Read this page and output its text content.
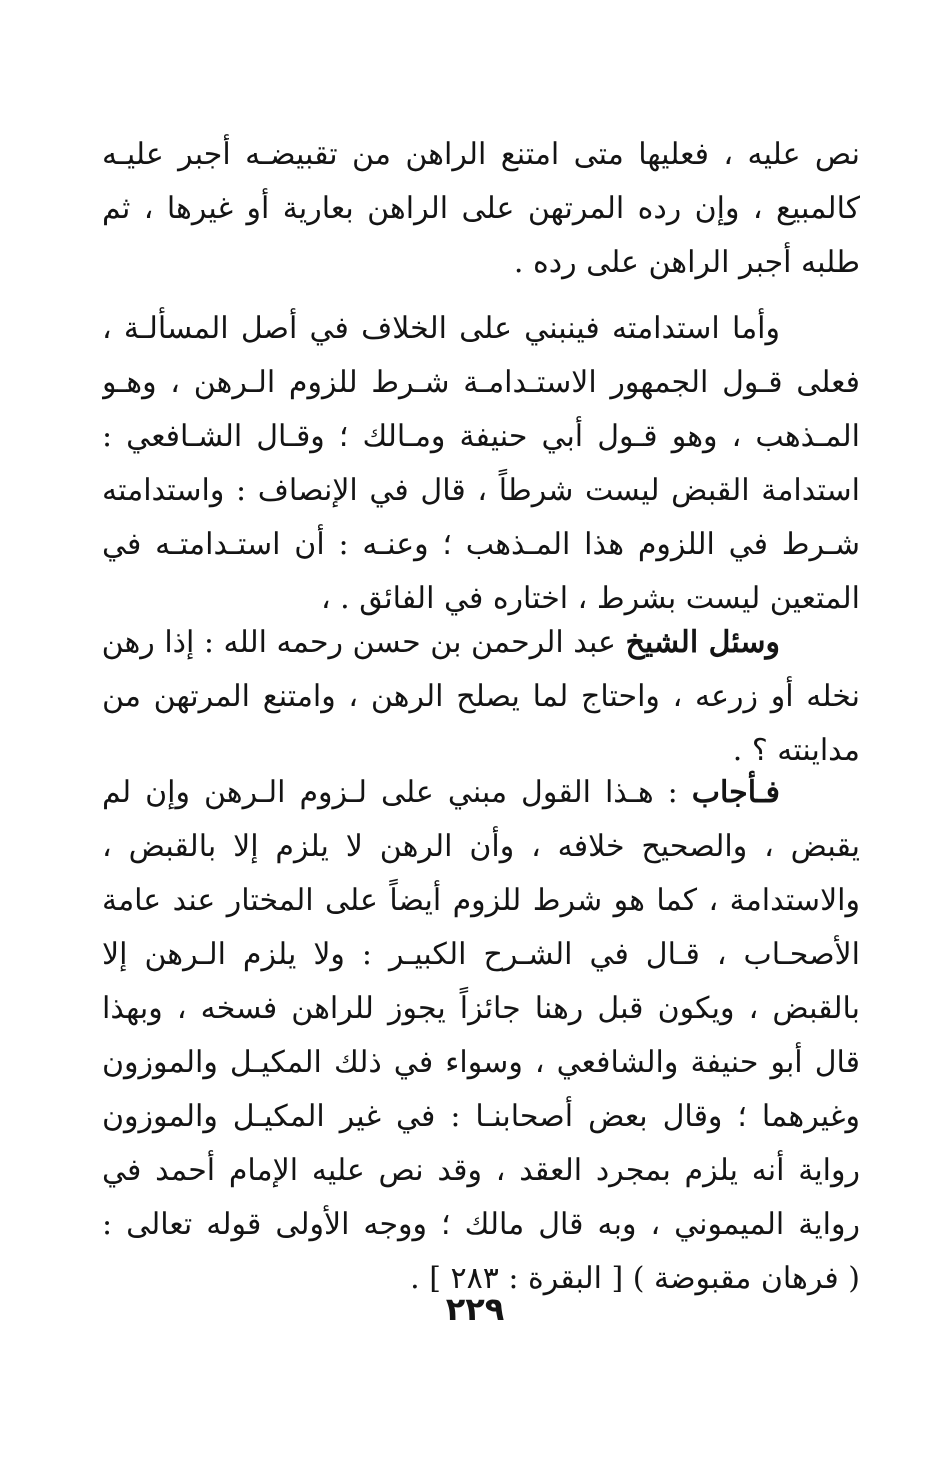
نص عليه ، فعليها متى امتنع الراهن من تقبيضـه أجبر عليـه
كالمبيع ، وإن رده المرتهن على الراهن بعارية أو غيرها ، ثم
طلبه أجبر الراهن على رده .
وأما استدامته فينبني على الخلاف في أصل المسألـة ،
فعلى قـول الجمهور الاستـدامـة شـرط للزوم الـرهن ، وهـو
المـذهب ، وهو قـول أبي حنيفة ومـالك ؛ وقـال الشـافعي :
استدامة القبض ليست شرطاً ، قال في الإنصاف : واستدامته
شـرط في اللزوم هذا المـذهب ؛ وعنـه : أن استـدامتـه في
المتعين ليست بشرط ، اختاره في الفائق . ،
وسئل الشيخ عبد الرحمن بن حسن رحمه الله : إذا رهن
نخله أو زرعه ، واحتاج لما يصلح الرهن ، وامتنع المرتهن من
مداينته ؟ .
فـأجاب : هـذا القول مبني على لـزوم الـرهن وإن لم
يقبض ، والصحيح خلافه ، وأن الرهن لا يلزم إلا بالقبض ،
والاستدامة ، كما هو شرط للزوم أيضاً على المختار عند عامة
الأصحـاب ، قـال في الشـرح الكبيـر : ولا يلزم الـرهن إلا
بالقبض ، ويكون قبل رهنا جائزاً يجوز للراهن فسخه ، وبهذا
قال أبو حنيفة والشافعي ، وسواء في ذلك المكيـل والموزون
وغيرهما ؛ وقال بعض أصحابنـا : في غير المكيـل والموزون
رواية أنه يلزم بمجرد العقد ، وقد نص عليه الإمام أحمد في
رواية الميموني ، وبه قال مالك ؛ ووجه الأولى قوله تعالى :
( فرهان مقبوضة ) [ البقرة : ٢٨٣ ] .
٢٢٩
